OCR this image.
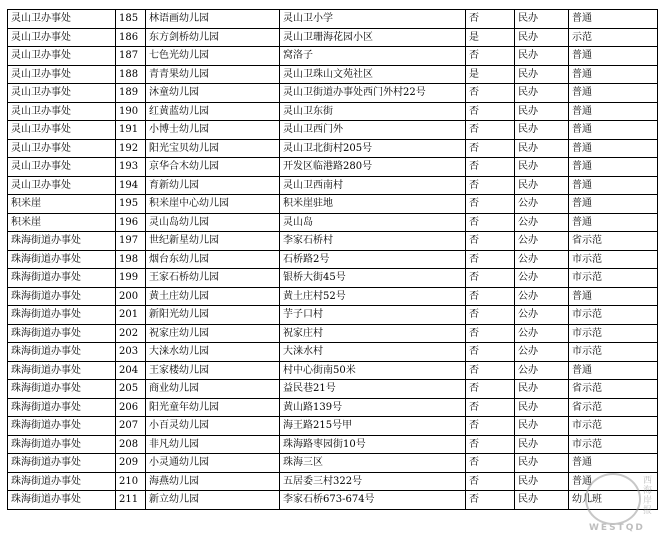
灵山卫办事处	185	林语画幼儿园	灵山卫小学	否	民办	普通
灵山卫办事处	186	东方剑桥幼儿园	灵山卫珊海花园小区	是	民办	示范
灵山卫办事处	187	七色光幼儿园	窝洛子	否	民办	普通
灵山卫办事处	188	青青果幼儿园	灵山卫珠山文苑社区	是	民办	普通
灵山卫办事处	189	沐童幼儿园	灵山卫街道办事处西门外村22号	否	民办	普通
灵山卫办事处	190	红黄蓝幼儿园	灵山卫东街	否	民办	普通
灵山卫办事处	191	小博士幼儿园	灵山卫西门外	否	民办	普通
灵山卫办事处	192	阳光宝贝幼儿园	灵山卫北街村205号	否	民办	普通
灵山卫办事处	193	京华合木幼儿园	开发区临港路280号	否	民办	普通
灵山卫办事处	194	育新幼儿园	灵山卫西南村	否	民办	普通
积米崖	195	积米崖中心幼儿园	积米崖驻地	否	公办	普通
积米崖	196	灵山岛幼儿园	灵山岛	否	公办	普通
珠海街道办事处	197	世纪新星幼儿园	李家石桥村	否	公办	省示范
珠海街道办事处	198	烟台东幼儿园	石桥路2号	否	公办	市示范
珠海街道办事处	199	王家石桥幼儿园	银桥大街45号	否	公办	市示范
珠海街道办事处	200	黄土庄幼儿园	黄土庄村52号	否	公办	普通
珠海街道办事处	201	新阳光幼儿园	芋子口村	否	公办	市示范
珠海街道办事处	202	祝家庄幼儿园	祝家庄村	否	公办	市示范
珠海街道办事处	203	大涞水幼儿园	大涞水村	否	公办	市示范
珠海街道办事处	204	王家楼幼儿园	村中心街南50米	否	公办	普通
珠海街道办事处	205	商业幼儿园	益民巷21号	否	民办	省示范
珠海街道办事处	206	阳光童年幼儿园	黄山路139号	否	民办	省示范
珠海街道办事处	207	小百灵幼儿园	海王路215号甲	否	民办	市示范
珠海街道办事处	208	非凡幼儿园	珠海路枣园街10号	否	民办	市示范
珠海街道办事处	209	小灵通幼儿园	珠海三区	否	民办	普通
珠海街道办事处	210	海燕幼儿园	五居委三村322号	否	民办	普通
珠海街道办事处	211	新立幼儿园	李家石桥673-674号	否	民办	幼儿班	西海岸报
WESTQD
